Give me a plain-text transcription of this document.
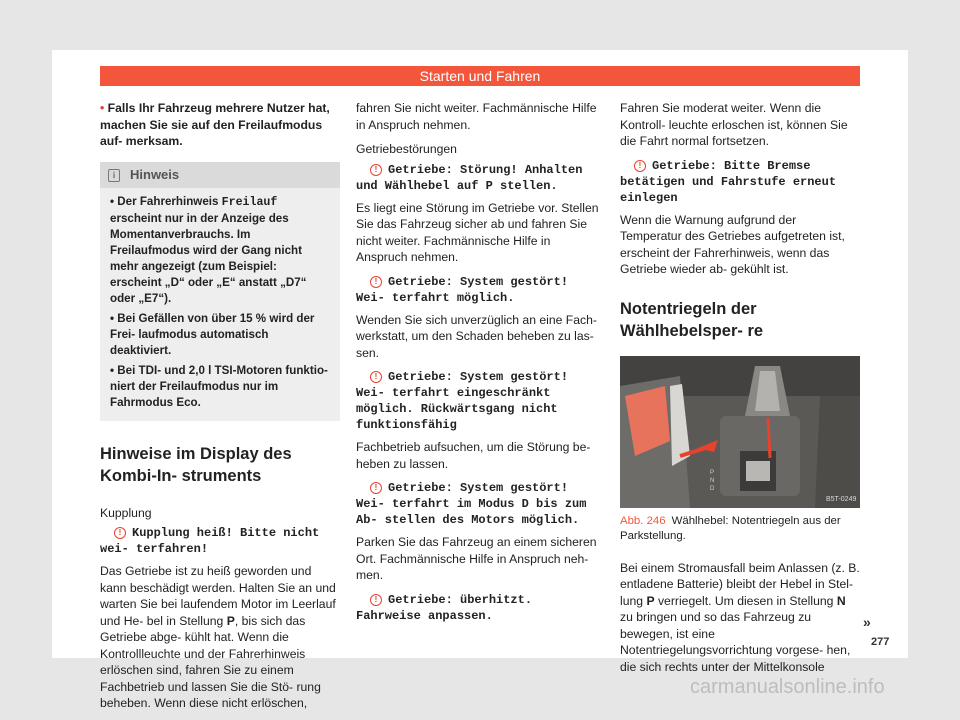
Starten und Fahren

• Falls Ihr Fahrzeug mehrere Nutzer hat, machen Sie sie auf den Freilaufmodus auf- merksam.

i Hinweis

• Der Fahrerhinweis Freilauf erscheint nur in der Anzeige des Momentanverbrauchs. Im Freilaufmodus wird der Gang nicht mehr angezeigt (zum Beispiel: erscheint „D“ oder „E“ anstatt „D7“ oder „E7“).

• Bei Gefällen von über 15 % wird der Frei- laufmodus automatisch deaktiviert.

• Bei TDI- und 2,0 l TSI-Motoren funktio- niert der Freilaufmodus nur im Fahrmodus Eco.

Hinweise im Display des Kombi-In- struments

Kupplung

! Kupplung heiß! Bitte nicht wei- terfahren!

Das Getriebe ist zu heiß geworden und kann beschädigt werden. Halten Sie an und warten Sie bei laufendem Motor im Leerlauf und He- bel in Stellung P, bis sich das Getriebe abge- kühlt hat. Wenn die Kontrollleuchte und der Fahrerhinweis erlöschen sind, fahren Sie zu einem Fachbetrieb und lassen Sie die Stö- rung beheben. Wenn diese nicht erlöschen,

fahren Sie nicht weiter. Fachmännische Hilfe in Anspruch nehmen.

Getriebestörungen

! Getriebe: Störung! Anhalten und Wählhebel auf P stellen.

Es liegt eine Störung im Getriebe vor. Stellen Sie das Fahrzeug sicher ab und fahren Sie nicht weiter. Fachmännische Hilfe in Anspruch nehmen.

! Getriebe: System gestört! Wei- terfahrt möglich.

Wenden Sie sich unverzüglich an eine Fach- werkstatt, um den Schaden beheben zu las- sen.

! Getriebe: System gestört! Wei- terfahrt eingeschränkt möglich. Rückwärtsgang nicht funktionsfähig

Fachbetrieb aufsuchen, um die Störung be- heben zu lassen.

! Getriebe: System gestört! Wei- terfahrt im Modus D bis zum Ab- stellen des Motors möglich.

Parken Sie das Fahrzeug an einem sicheren Ort. Fachmännische Hilfe in Anspruch neh- men.

! Getriebe: überhitzt. Fahrweise anpassen.

Fahren Sie moderat weiter. Wenn die Kontroll- leuchte erloschen ist, können Sie die Fahrt normal fortsetzen.

! Getriebe: Bitte Bremse betätigen und Fahrstufe erneut einlegen

Wenn die Warnung aufgrund der Temperatur des Getriebes aufgetreten ist, erscheint der Fahrerhinweis, wenn das Getriebe wieder ab- gekühlt ist.

Notentriegeln der Wählhebelsper- re
P
N
D
B5T-0249
Abb. 246 Wählhebel: Notentriegeln aus der Parkstellung.

Bei einem Stromausfall beim Anlassen (z. B. entladene Batterie) bleibt der Hebel in Stel- lung P verriegelt. Um diesen in Stellung N zu bringen und so das Fahrzeug zu bewegen, ist eine Notentriegelungsvorrichtung vorgese- hen, die sich rechts unter der Mittelkonsole

»
277
carmanualsonline.info
